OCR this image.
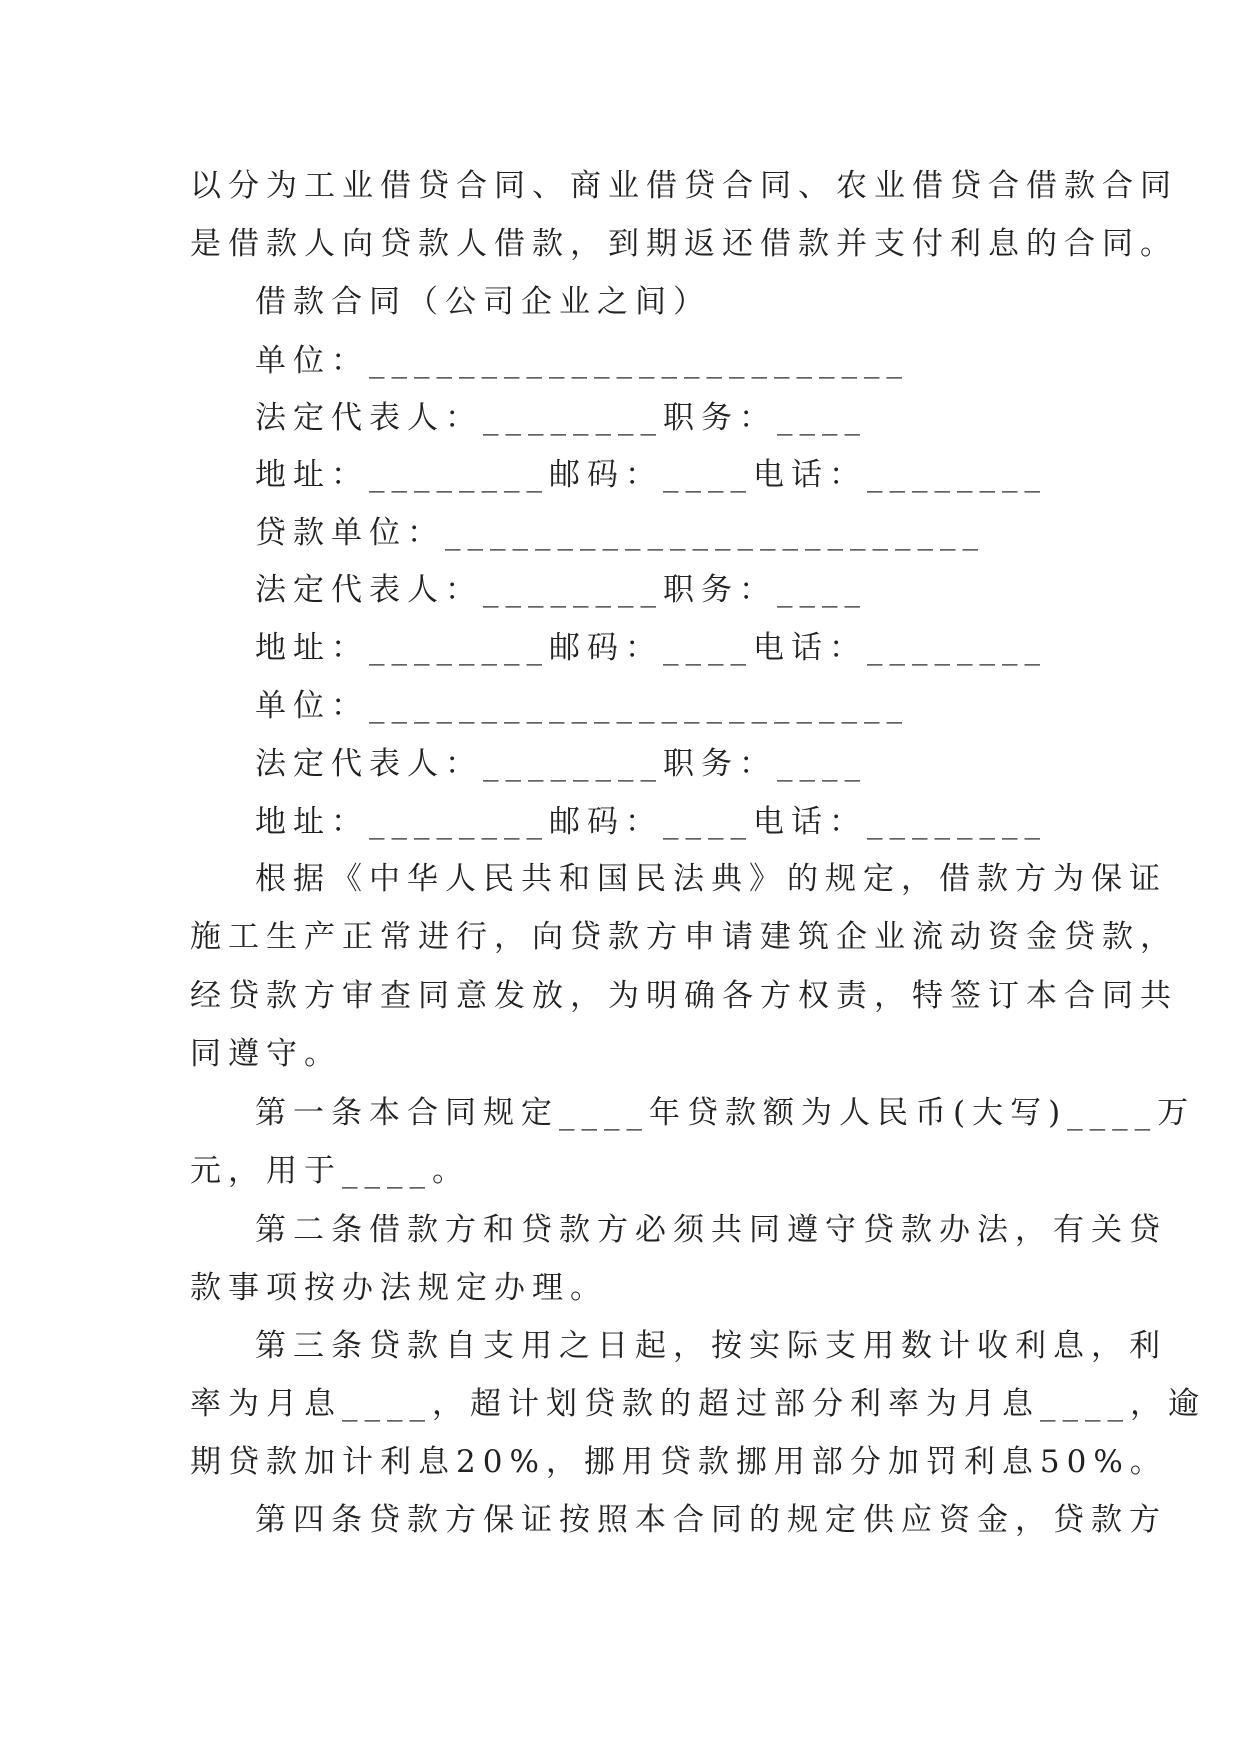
以分为工业借贷合同、商业借贷合同、农业借贷合借款合同
是借款人向贷款人借款，到期返还借款并支付利息的合同。
借款合同（公司企业之间）
单位：________________________
法定代表人：________职务：____
地址：________邮码：____电话：________
贷款单位：________________________
法定代表人：________职务：____
地址：________邮码：____电话：________
单位：________________________
法定代表人：________职务：____
地址：________邮码：____电话：________
根据《中华人民共和国民法典》的规定，借款方为保证
施工生产正常进行，向贷款方申请建筑企业流动资金贷款，
经贷款方审查同意发放，为明确各方权责，特签订本合同共
同遵守。
第一条本合同规定____年贷款额为人民币(大写)____万
元，用于____。
第二条借款方和贷款方必须共同遵守贷款办法，有关贷
款事项按办法规定办理。
第三条贷款自支用之日起，按实际支用数计收利息，利
率为月息____，超计划贷款的超过部分利率为月息____，逾
期贷款加计利息20%，挪用贷款挪用部分加罚利息50%。
第四条贷款方保证按照本合同的规定供应资金，贷款方
